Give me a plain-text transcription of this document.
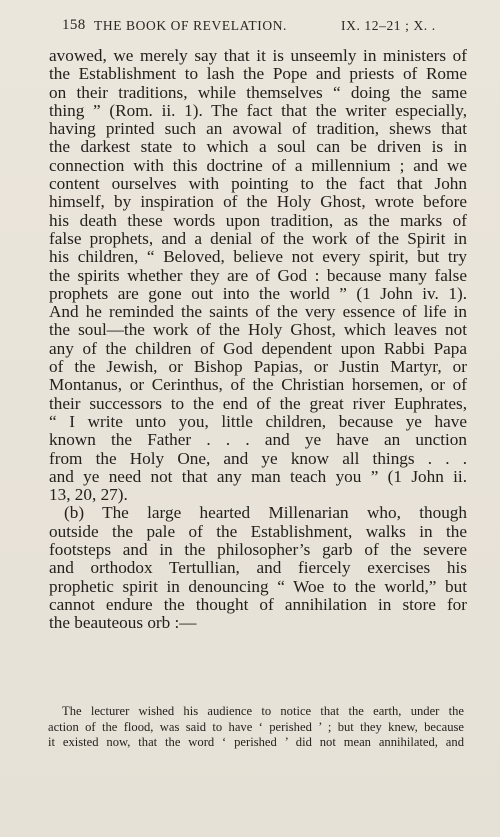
158 THE BOOK OF REVELATION.	IX. 12–21 ; X. .
avowed, we merely say that it is unseemly in ministers of
the Establishment to lash the Pope and priests of Rome
on their traditions, while themselves “ doing the same
thing ” (Rom. ii. 1). The fact that the writer especially,
having printed such an avowal of tradition, shews that
the darkest state to which a soul can be driven is in
connection with this doctrine of a millennium ; and we
content ourselves with pointing to the fact that John
himself, by inspiration of the Holy Ghost, wrote before
his death these words upon tradition, as the marks of
false prophets, and a denial of the work of the Spirit in
his children, “ Beloved, believe not every spirit, but try
the spirits whether they are of God : because many false
prophets are gone out into the world ” (1 John iv. 1).
And he reminded the saints of the very essence of life in
the soul—the work of the Holy Ghost, which leaves not
any of the children of God dependent upon Rabbi Papa
of the Jewish, or Bishop Papias, or Justin Martyr, or
Montanus, or Cerinthus, of the Christian horsemen, or of
their successors to the end of the great river Euphrates,
“ I write unto you, little children, because ye have
known the Father . . . and ye have an unction
from the Holy One, and ye know all things . . .
and ye need not that any man teach you ” (1 John ii.
13, 20, 27).
(b) The large hearted Millenarian who, though
outside the pale of the Establishment, walks in the
footsteps and in the philosopher’s garb of the severe
and orthodox Tertullian, and fiercely exercises his
prophetic spirit in denouncing “ Woe to the world,” but
cannot endure the thought of annihilation in store for
the beauteous orb :—
The lecturer wished his audience to notice that the earth, under the
action of the flood, was said to have ‘ perished ’ ; but they knew, because
it existed now, that the word ‘ perished ’ did not mean annihilated, and
